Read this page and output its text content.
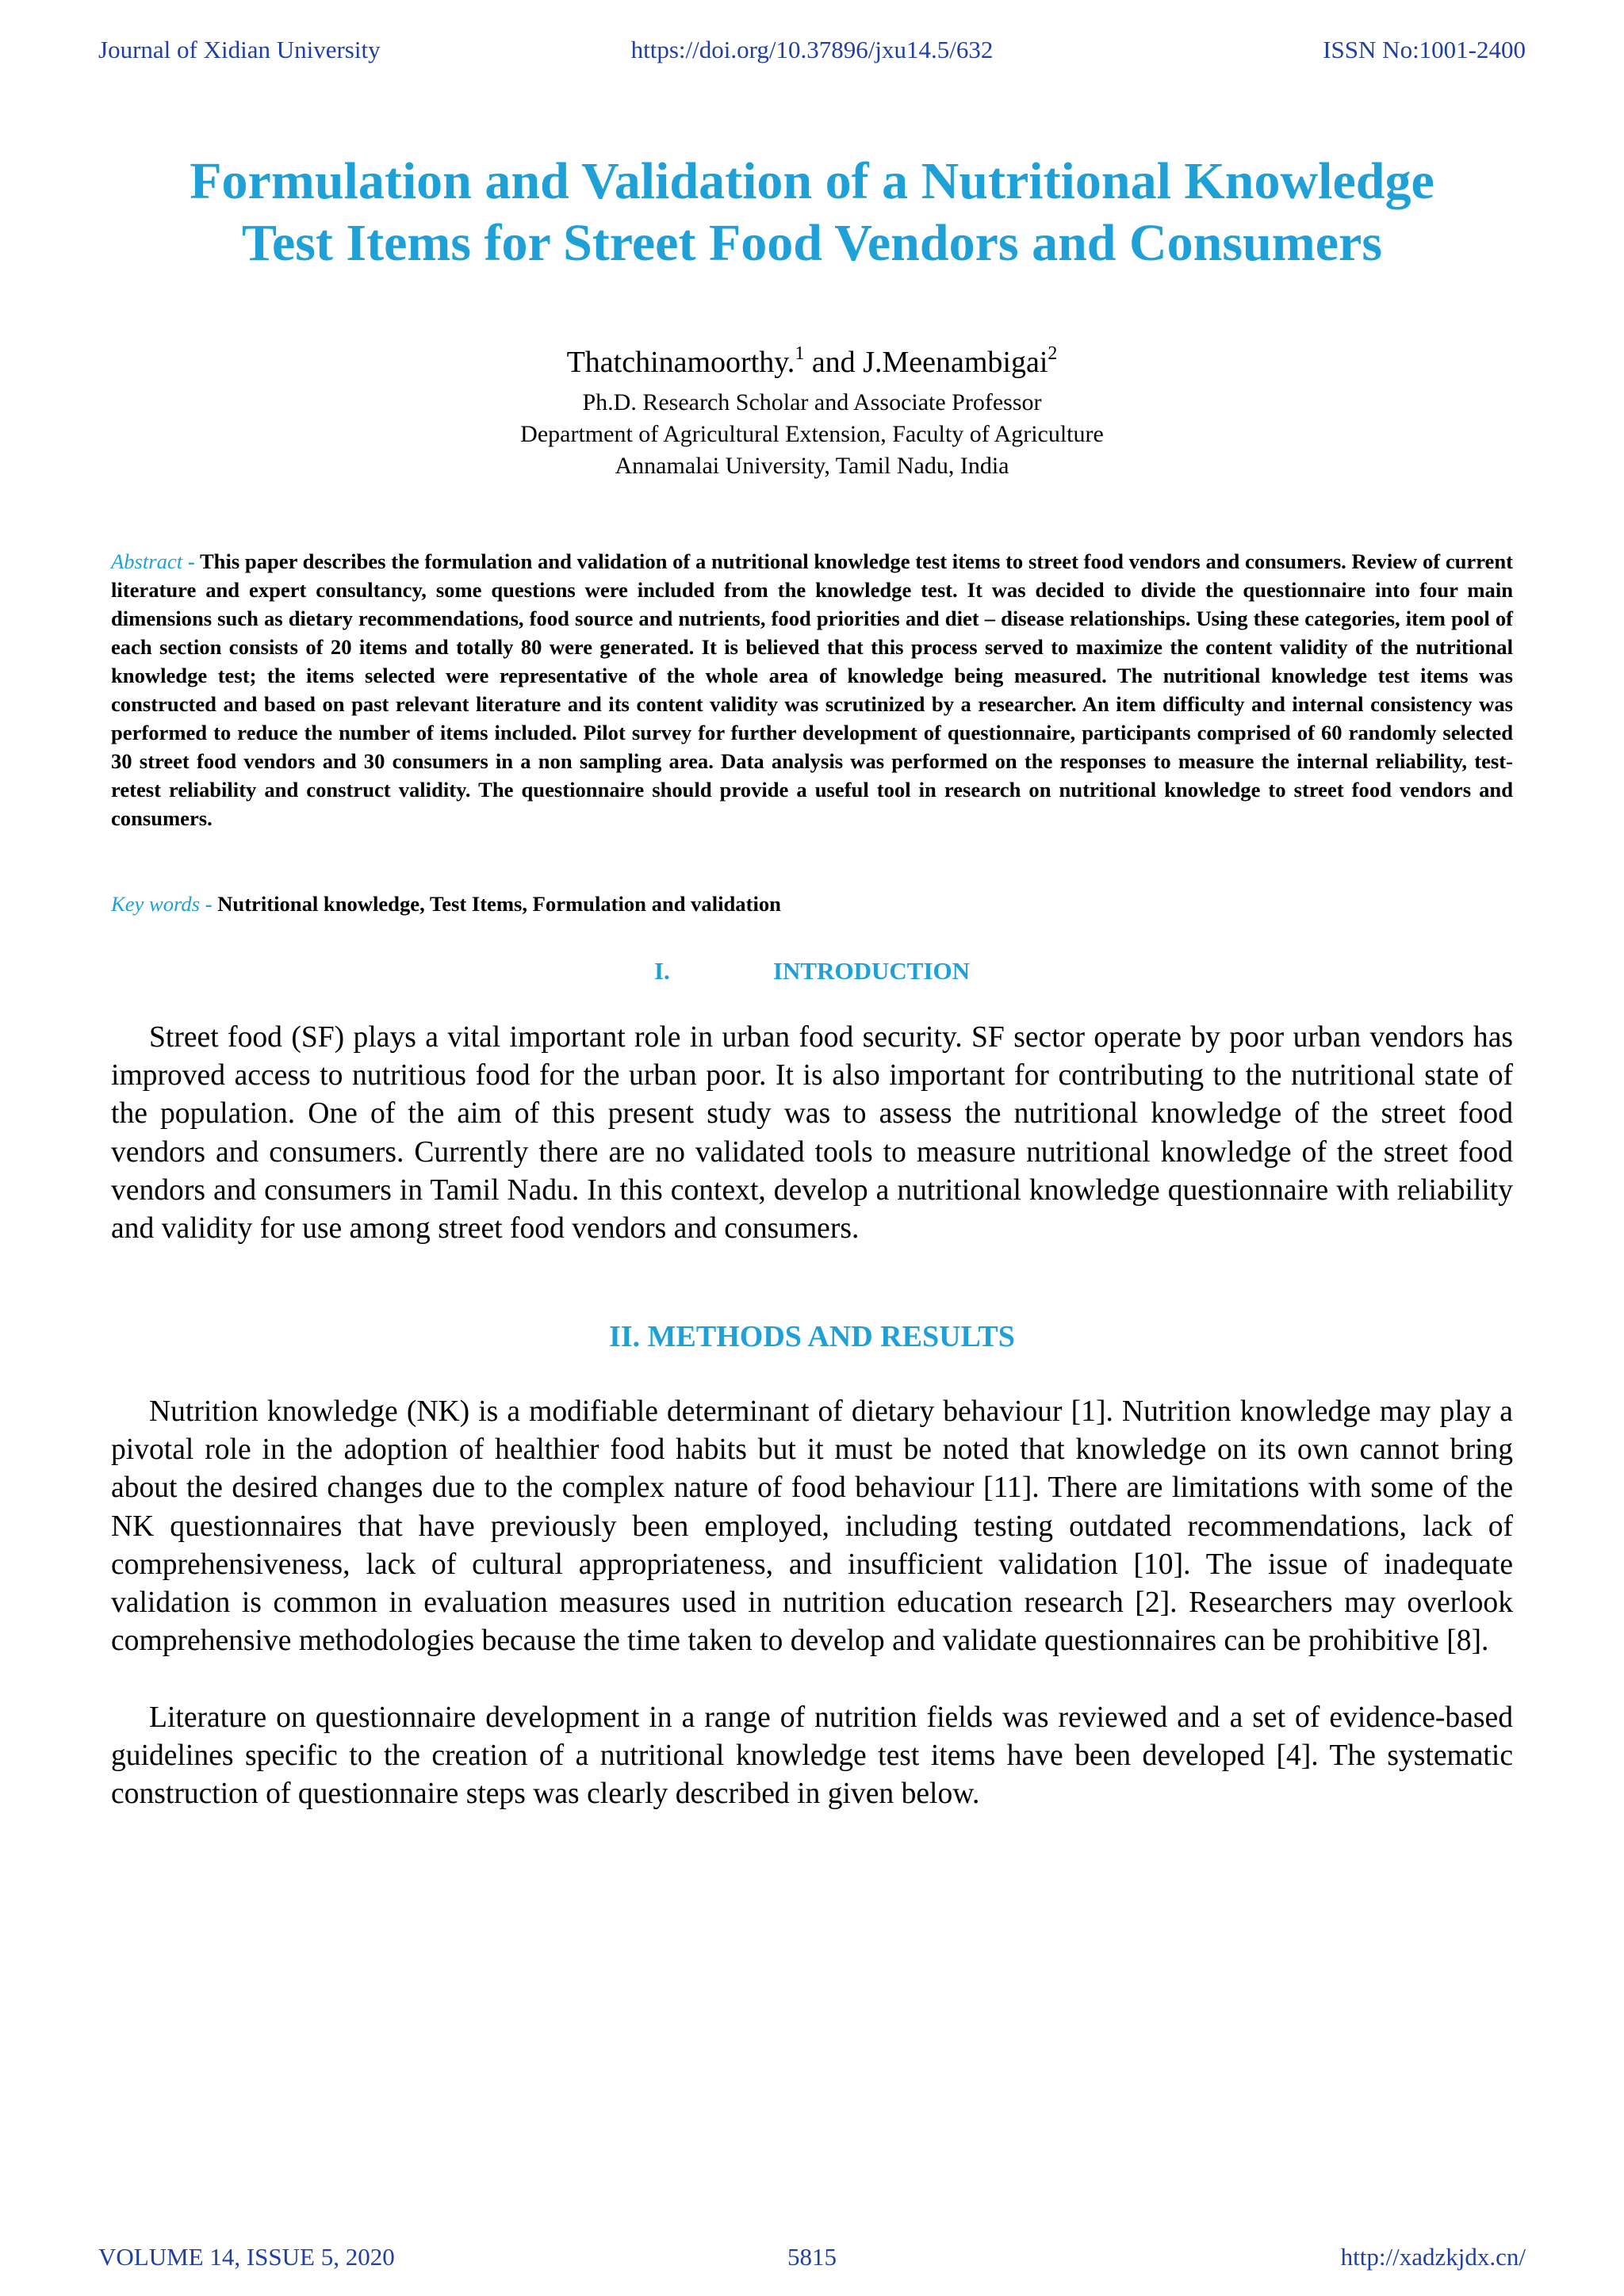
Journal of Xidian University	https://doi.org/10.37896/jxu14.5/632	ISSN No:1001-2400
Formulation and Validation of a Nutritional Knowledge
Test Items for Street Food Vendors and Consumers
Thatchinamoorthy.$^1$ and J.Meenambigai$^2$
Ph.D. Research Scholar and Associate Professor
Department of Agricultural Extension, Faculty of Agriculture
Annamalai University, Tamil Nadu, India

Abstract - This paper describes the formulation and validation of a nutritional knowledge test items to street food vendors and consumers. Review of current literature and expert consultancy, some questions were included from the knowledge test. It was decided to divide the questionnaire into four main dimensions such as dietary recommendations, food source and nutrients, food priorities and diet – disease relationships. Using these categories, item pool of each section consists of 20 items and totally 80 were generated. It is believed that this process served to maximize the content validity of the nutritional knowledge test; the items selected were representative of the whole area of knowledge being measured. The nutritional knowledge test items was constructed and based on past relevant literature and its content validity was scrutinized by a researcher. An item difficulty and internal consistency was performed to reduce the number of items included. Pilot survey for further development of questionnaire, participants comprised of 60 randomly selected 30 street food vendors and 30 consumers in a non sampling area. Data analysis was performed on the responses to measure the internal reliability, test-retest reliability and construct validity. The questionnaire should provide a useful tool in research on nutritional knowledge to street food vendors and consumers.

Key words - Nutritional knowledge, Test Items, Formulation and validation

I.	INTRODUCTION

Street food (SF) plays a vital important role in urban food security. SF sector operate by poor urban vendors has improved access to nutritious food for the urban poor. It is also important for contributing to the nutritional state of the population. One of the aim of this present study was to assess the nutritional knowledge of the street food vendors and consumers. Currently there are no validated tools to measure nutritional knowledge of the street food vendors and consumers in Tamil Nadu. In this context, develop a nutritional knowledge questionnaire with reliability and validity for use among street food vendors and consumers.

II. METHODS AND RESULTS

Nutrition knowledge (NK) is a modifiable determinant of dietary behaviour [1]. Nutrition knowledge may play a pivotal role in the adoption of healthier food habits but it must be noted that knowledge on its own cannot bring about the desired changes due to the complex nature of food behaviour [11]. There are limitations with some of the NK questionnaires that have previously been employed, including testing outdated recommendations, lack of comprehensiveness, lack of cultural appropriateness, and insufficient validation [10]. The issue of inadequate validation is common in evaluation measures used in nutrition education research [2]. Researchers may overlook comprehensive methodologies because the time taken to develop and validate questionnaires can be prohibitive [8].

Literature on questionnaire development in a range of nutrition fields was reviewed and a set of evidence-based guidelines specific to the creation of a nutritional knowledge test items have been developed [4]. The systematic construction of questionnaire steps was clearly described in given below.

VOLUME 14, ISSUE 5, 2020	5815	http://xadzkjdx.cn/
